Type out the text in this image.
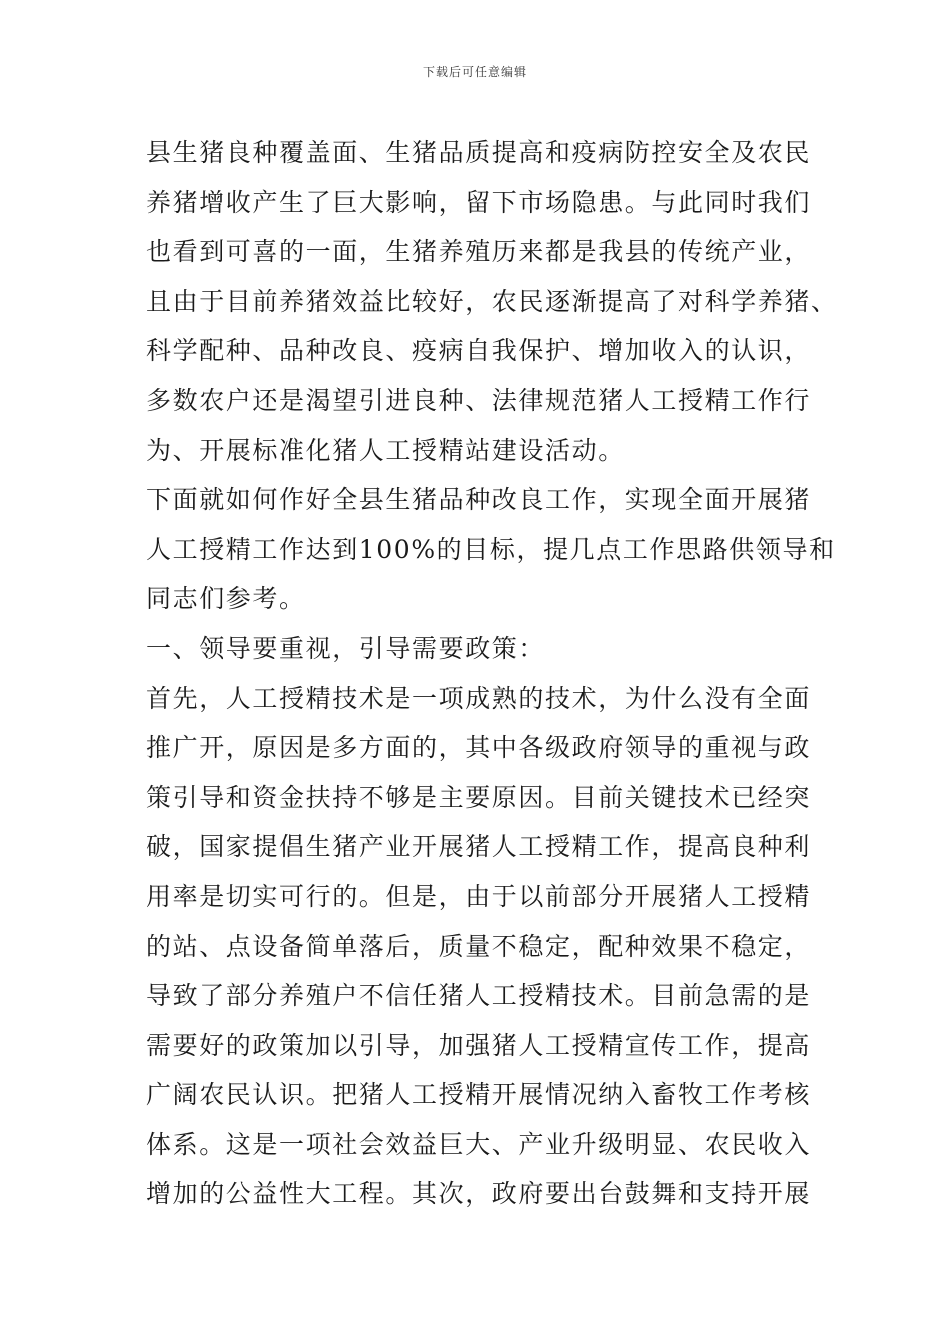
下载后可任意编辑
县生猪良种覆盖面、生猪品质提高和疫病防控安全及农民
养猪增收产生了巨大影响，留下市场隐患。与此同时我们
也看到可喜的一面，生猪养殖历来都是我县的传统产业，
且由于目前养猪效益比较好，农民逐渐提高了对科学养猪、
科学配种、品种改良、疫病自我保护、增加收入的认识，
多数农户还是渴望引进良种、法律规范猪人工授精工作行
为、开展标准化猪人工授精站建设活动。
下面就如何作好全县生猪品种改良工作，实现全面开展猪
人工授精工作达到100%的目标，提几点工作思路供领导和
同志们参考。
一、领导要重视，引导需要政策：
首先，人工授精技术是一项成熟的技术，为什么没有全面
推广开，原因是多方面的，其中各级政府领导的重视与政
策引导和资金扶持不够是主要原因。目前关键技术已经突
破，国家提倡生猪产业开展猪人工授精工作，提高良种利
用率是切实可行的。但是，由于以前部分开展猪人工授精
的站、点设备简单落后，质量不稳定，配种效果不稳定，
导致了部分养殖户不信任猪人工授精技术。目前急需的是
需要好的政策加以引导，加强猪人工授精宣传工作，提高
广阔农民认识。把猪人工授精开展情况纳入畜牧工作考核
体系。这是一项社会效益巨大、产业升级明显、农民收入
增加的公益性大工程。其次，政府要出台鼓舞和支持开展
